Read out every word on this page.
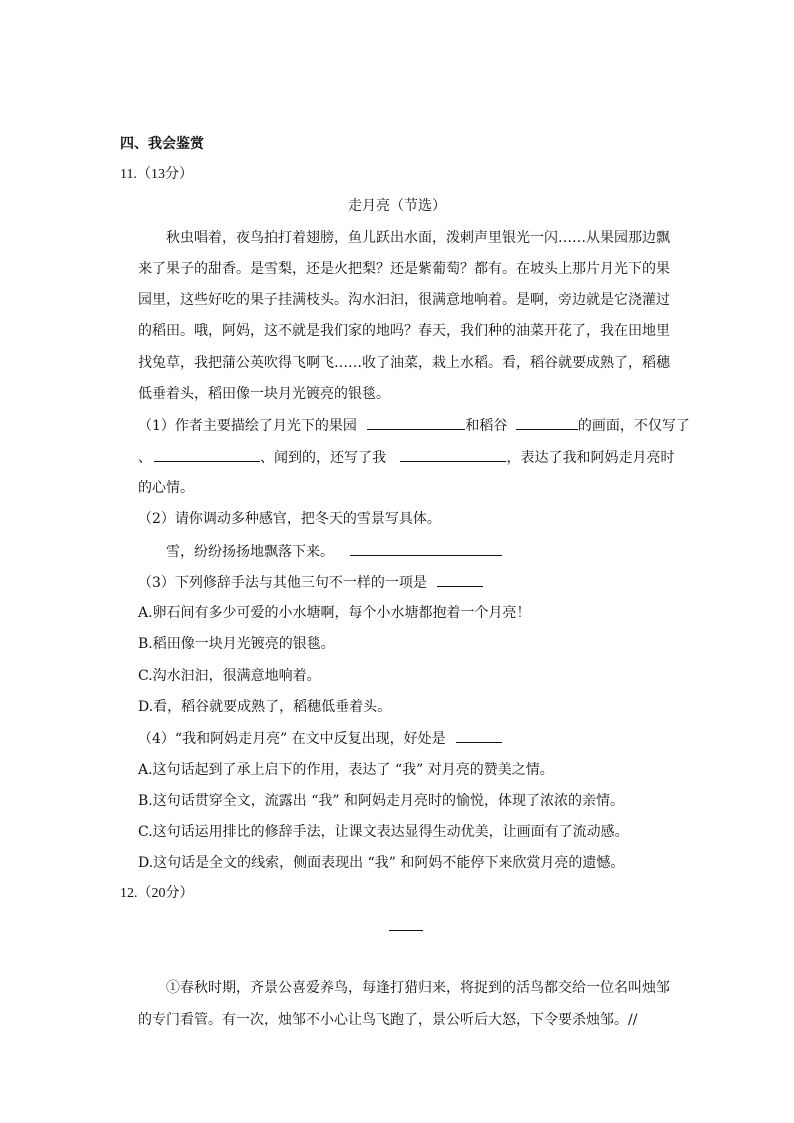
四、我会鉴赏
11.（13分）
走月亮（节选）
秋虫唱着，夜鸟拍打着翅膀，鱼儿跃出水面，泼剌声里银光一闪……从果园那边飘
来了果子的甜香。是雪梨，还是火把梨？还是紫葡萄？都有。在坡头上那片月光下的果
园里，这些好吃的果子挂满枝头。沟水汩汩，很满意地响着。是啊，旁边就是它浇灌过
的稻田。哦，阿妈，这不就是我们家的地吗？春天，我们种的油菜开花了，我在田地里
找兔草，我把蒲公英吹得飞啊飞……收了油菜，栽上水稻。看，稻谷就要成熟了，稻穗
低垂着头，稻田像一块月光镀亮的银毯。
（1）作者主要描绘了月光下的果园	和稻谷	的画面，不仅写了
、	、闻到的，还写了我	，表达了我和阿妈走月亮时
的心情。
（2）请你调动多种感官，把冬天的雪景写具体。
雪，纷纷扬扬地飘落下来。
（3）下列修辞手法与其他三句不一样的一项是
A.卵石间有多少可爱的小水塘啊，每个小水塘都抱着一个月亮！
B.稻田像一块月光镀亮的银毯。
C.沟水汩汩，很满意地响着。
D.看，稻谷就要成熟了，稻穗低垂着头。
（4）“我和阿妈走月亮” 在文中反复出现，好处是
A.这句话起到了承上启下的作用，表达了 “我” 对月亮的赞美之情。
B.这句话贯穿全文，流露出 “我” 和阿妈走月亮时的愉悦，体现了浓浓的亲情。
C.这句话运用排比的修辞手法，让课文表达显得生动优美，让画面有了流动感。
D.这句话是全文的线索，侧面表现出 “我” 和阿妈不能停下来欣赏月亮的遗憾。
12.（20分）
①春秋时期，齐景公喜爱养鸟，每逢打猎归来，将捉到的活鸟都交给一位名叫烛邹
的专门看管。有一次，烛邹不小心让鸟飞跑了，景公听后大怒，下令要杀烛邹。//
